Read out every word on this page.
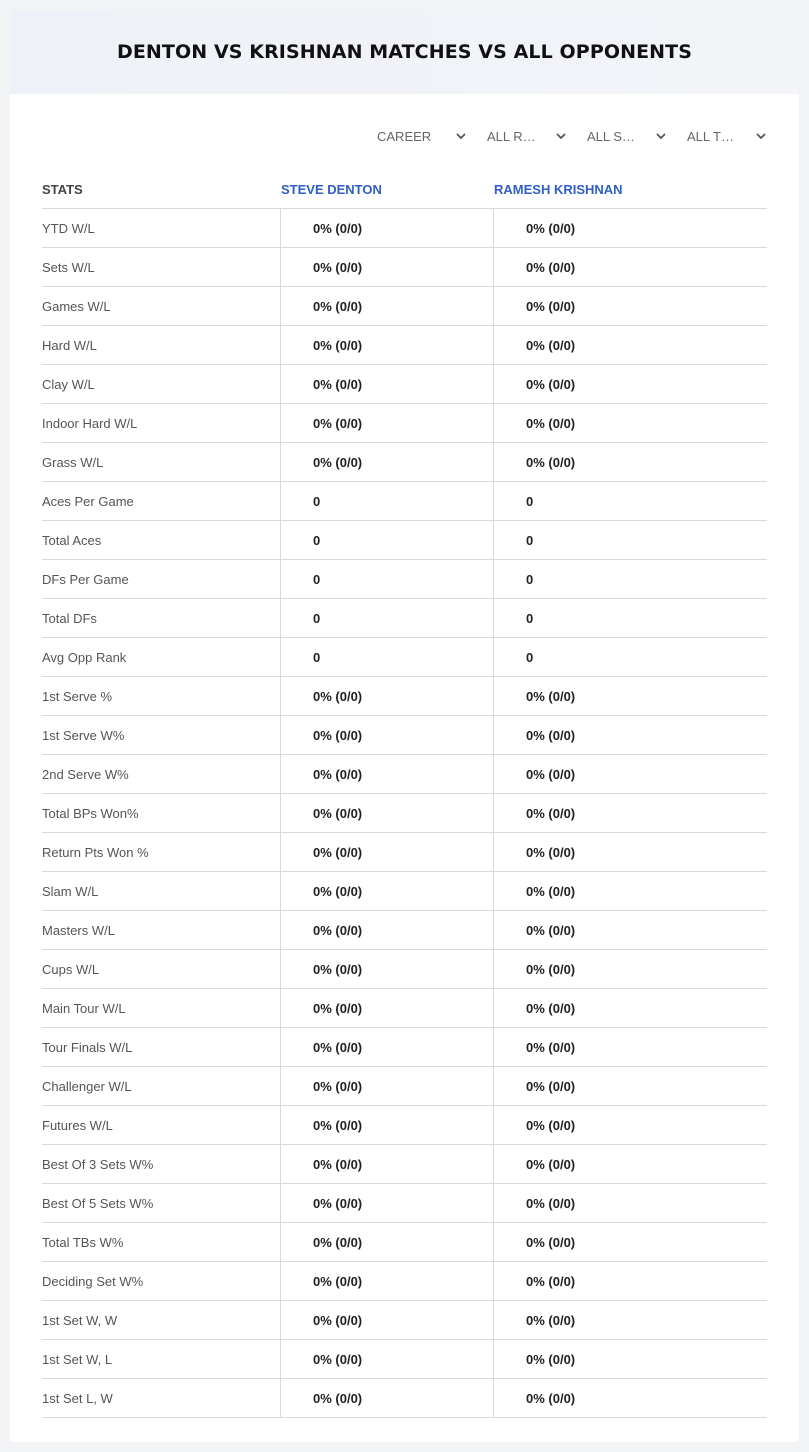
DENTON VS KRISHNAN MATCHES VS ALL OPPONENTS
CAREER	ALL R…	ALL S…	ALL T…
STATS	STEVE DENTON	RAMESH KRISHNAN
YTD W/L	0% (0/0)	0% (0/0)
Sets W/L	0% (0/0)	0% (0/0)
Games W/L	0% (0/0)	0% (0/0)
Hard W/L	0% (0/0)	0% (0/0)
Clay W/L	0% (0/0)	0% (0/0)
Indoor Hard W/L	0% (0/0)	0% (0/0)
Grass W/L	0% (0/0)	0% (0/0)
Aces Per Game	0	0
Total Aces	0	0
DFs Per Game	0	0
Total DFs	0	0
Avg Opp Rank	0	0
1st Serve %	0% (0/0)	0% (0/0)
1st Serve W%	0% (0/0)	0% (0/0)
2nd Serve W%	0% (0/0)	0% (0/0)
Total BPs Won%	0% (0/0)	0% (0/0)
Return Pts Won %	0% (0/0)	0% (0/0)
Slam W/L	0% (0/0)	0% (0/0)
Masters W/L	0% (0/0)	0% (0/0)
Cups W/L	0% (0/0)	0% (0/0)
Main Tour W/L	0% (0/0)	0% (0/0)
Tour Finals W/L	0% (0/0)	0% (0/0)
Challenger W/L	0% (0/0)	0% (0/0)
Futures W/L	0% (0/0)	0% (0/0)
Best Of 3 Sets W%	0% (0/0)	0% (0/0)
Best Of 5 Sets W%	0% (0/0)	0% (0/0)
Total TBs W%	0% (0/0)	0% (0/0)
Deciding Set W%	0% (0/0)	0% (0/0)
1st Set W, W	0% (0/0)	0% (0/0)
1st Set W, L	0% (0/0)	0% (0/0)
1st Set L, W	0% (0/0)	0% (0/0)
